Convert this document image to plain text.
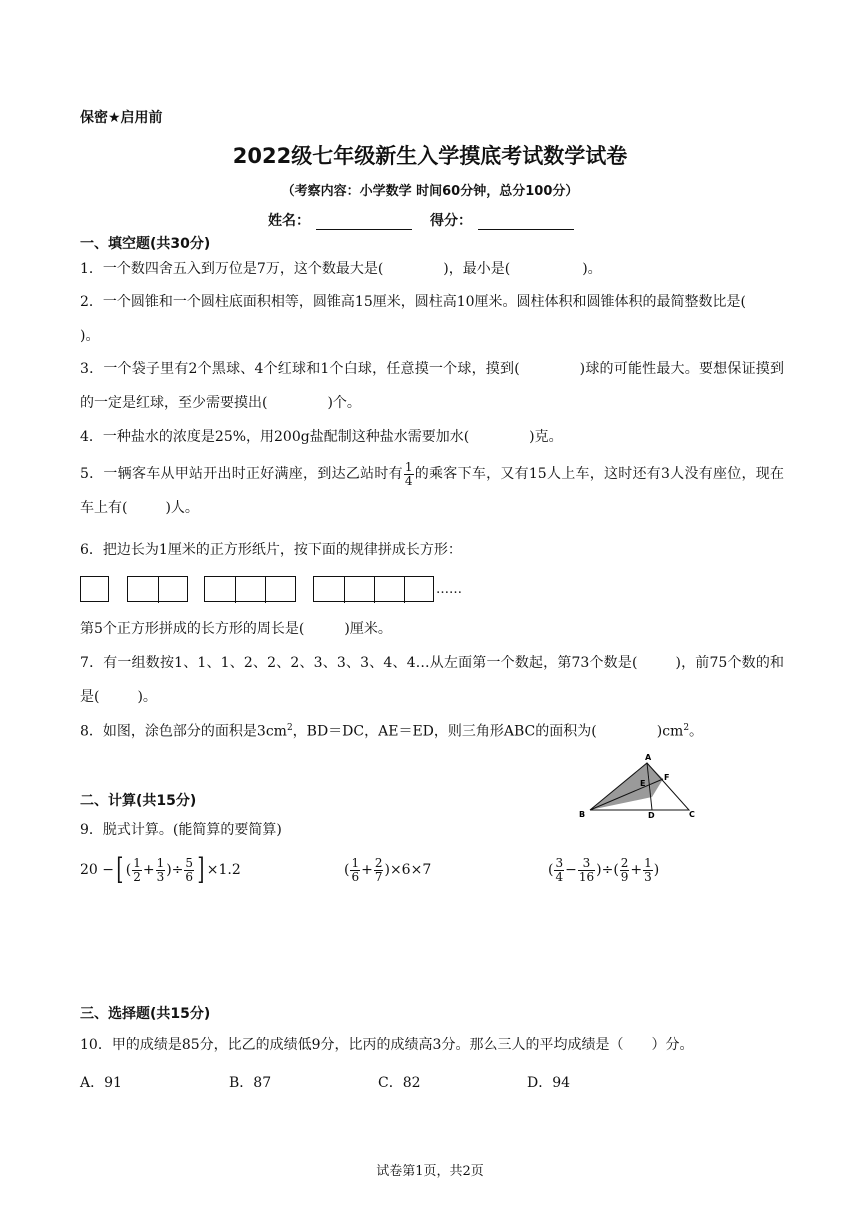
保密★启用前
2022级七年级新生入学摸底考试数学试卷
（考察内容：小学数学 时间60分钟，总分100分）
姓名：	得分：
一、填空题(共30分)
1．一个数四舍五入到万位是7万，这个数最大是(	)，最小是(	)。
2．一个圆锥和一个圆柱底面积相等，圆锥高15厘米，圆柱高10厘米。圆柱体积和圆锥体积的最简整数比是()。
3．一个袋子里有2个黑球、4个红球和1个白球，任意摸一个球，摸到(	)球的可能性最大。要想保证摸到的一定是红球，至少需要摸出(	)个。
4．一种盐水的浓度是25%，用200g盐配制这种盐水需要加水(	)克。
5．一辆客车从甲站开出时正好满座，到达乙站时有 $\frac{1}{4}$ 的乘客下车，又有15人上车，这时还有3人没有座位，现在车上有(	)人。
6．把边长为1厘米的正方形纸片，按下面的规律拼成长方形：
……
第5个正方形拼成的长方形的周长是(	)厘米。
7．有一组数按1、1、1、2、2、2、3、3、3、4、4…从左面第一个数起，第73个数是(	)，前75个数的和是(	)。
8．如图，涂色部分的面积是$3cm^2$，BD＝DC，AE＝ED，则三角形ABC的面积为(	)$cm^2$。
A
B	C
D
E
F
二、计算(共15分)
9．脱式计算。(能简算的要简算)
20 − [ ( $\frac{1}{2} + \frac{1}{3}$ ) ÷ $\frac{5}{6}$ ] ×1.2	( $\frac{1}{6} + \frac{2}{7} )\times 6\times 7$	( $\frac{3}{4} - \frac{3}{16}$ )÷( $\frac{2}{9} + \frac{1}{3}$ )
三、选择题(共15分)
10．甲的成绩是85分，比乙的成绩低9分，比丙的成绩高3分。那么三人的平均成绩是（　　）分。
A．91	B．87	C．82	D．94
试卷第1页，共2页
